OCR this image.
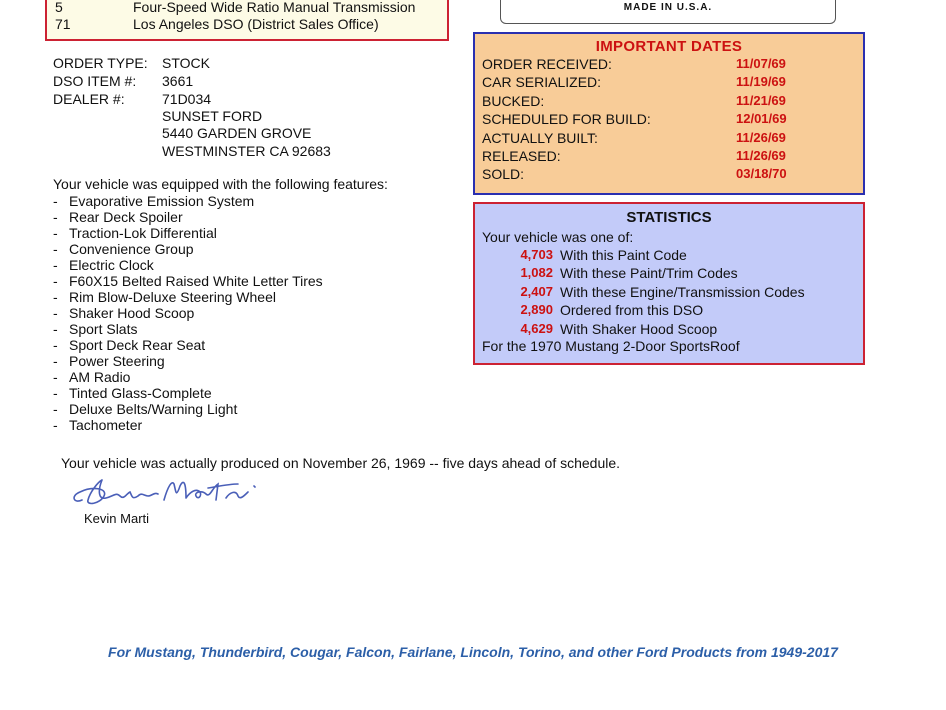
5	Four-Speed Wide Ratio Manual Transmission
71	Los Angeles DSO (District Sales Office)
MADE IN U.S.A.
ORDER TYPE: STOCK
DSO ITEM #: 3661
DEALER #:	71D034
SUNSET FORD
5440 GARDEN GROVE
WESTMINSTER CA 92683
Your vehicle was equipped with the following features:
- Evaporative Emission System
- Rear Deck Spoiler
- Traction-Lok Differential
- Convenience Group
- Electric Clock
- F60X15 Belted Raised White Letter Tires
- Rim Blow-Deluxe Steering Wheel
- Shaker Hood Scoop
- Sport Slats
- Sport Deck Rear Seat
- Power Steering
- AM Radio
- Tinted Glass-Complete
- Deluxe Belts/Warning Light
- Tachometer
IMPORTANT DATES
ORDER RECEIVED:	11/07/69
CAR SERIALIZED:	11/19/69
BUCKED:	11/21/69
SCHEDULED FOR BUILD:	12/01/69
ACTUALLY BUILT:	11/26/69
RELEASED:	11/26/69
SOLD:	03/18/70
STATISTICS
Your vehicle was one of:
For the 1970 Mustang 2-Door SportsRoof
4,703 With this Paint Code
1,082 With these Paint/Trim Codes
2,407 With these Engine/Transmission Codes
2,890 Ordered from this DSO
4,629 With Shaker Hood Scoop
Your vehicle was actually produced on November 26, 1969 -- five days ahead of schedule.
Kevin Marti
For Mustang, Thunderbird, Cougar, Falcon, Fairlane, Lincoln, Torino, and other Ford Products from 1949-2017
